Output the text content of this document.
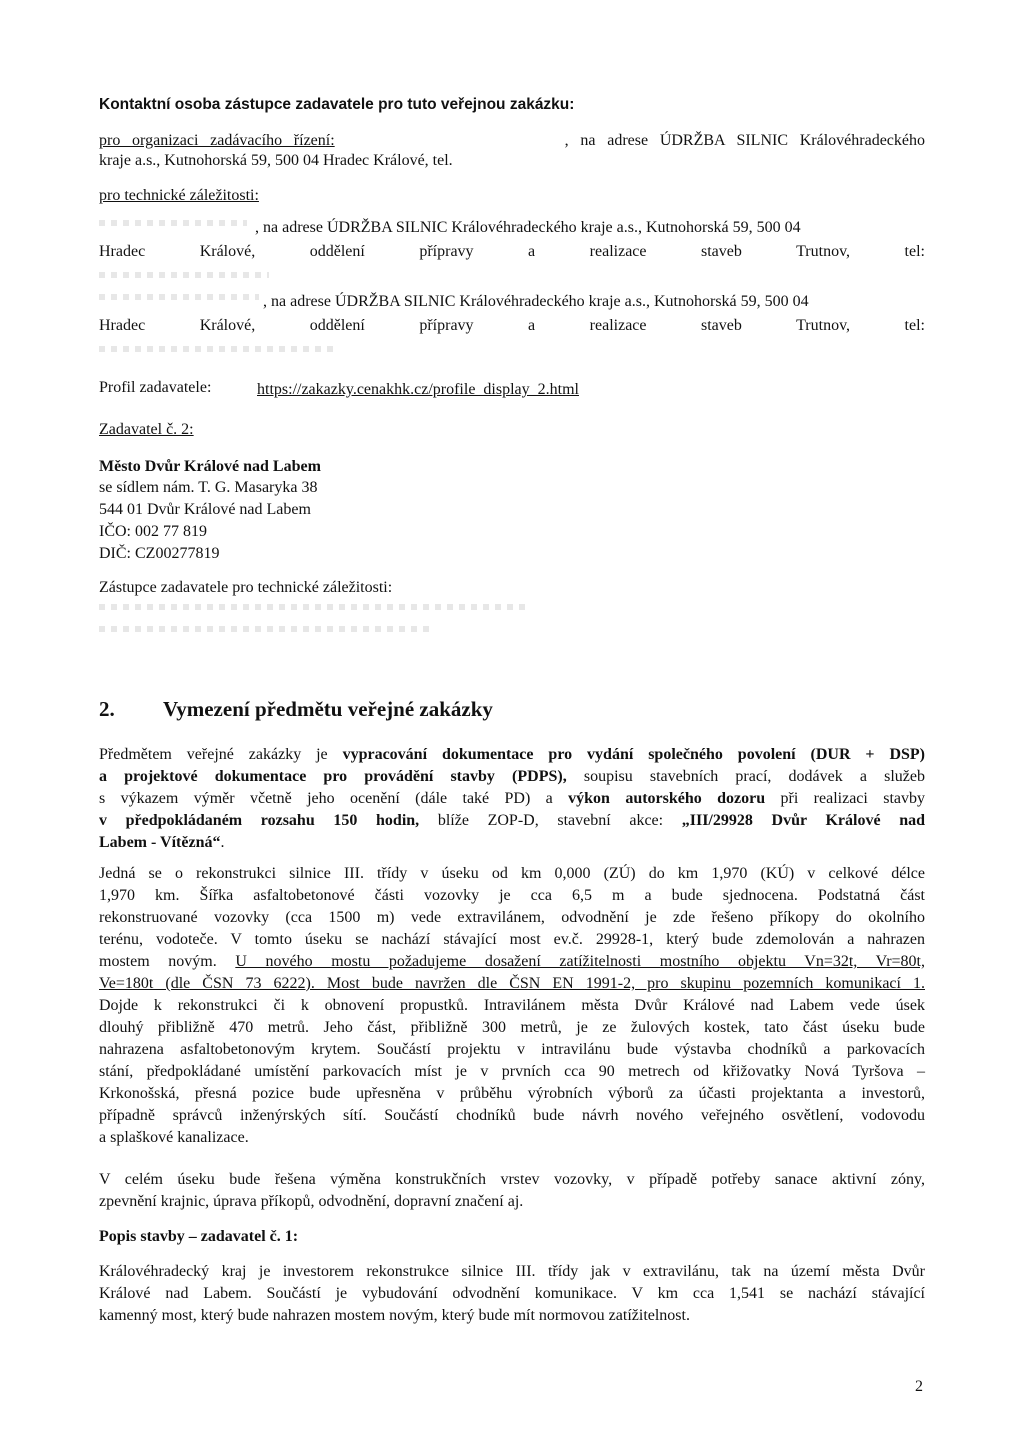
Kontaktní osoba zástupce zadavatele pro tuto veřejnou zakázku:
pro organizaci zadávacího řízení:	, na adrese ÚDRŽBA SILNIC Královéhradeckého
kraje a.s., Kutnohorská 59, 500 04 Hradec Králové, tel.
pro technické záležitosti:
, na adrese ÚDRŽBA SILNIC Královéhradeckého kraje a.s., Kutnohorská 59, 500 04
Hradec Králové, oddělení přípravy a realizace staveb Trutnov, tel:
, na adrese ÚDRŽBA SILNIC Královéhradeckého kraje a.s., Kutnohorská 59, 500 04
Hradec Králové, oddělení přípravy a realizace staveb Trutnov, tel:
Profil zadavatele:	https://zakazky.cenakhk.cz/profile_display_2.html
Zadavatel č. 2:
Město Dvůr Králové nad Labem
se sídlem nám. T. G. Masaryka 38
544 01 Dvůr Králové nad Labem
IČO: 002 77 819
DIČ: CZ00277819
Zástupce zadavatele pro technické záležitosti:
2. Vymezení předmětu veřejné zakázky
Předmětem veřejné zakázky je vypracování dokumentace pro vydání společného povolení (DUR + DSP)
a projektové dokumentace pro provádění stavby (PDPS), soupisu stavebních prací, dodávek a služeb
s výkazem výměr včetně jeho ocenění (dále také PD) a výkon autorského dozoru při realizaci stavby
v předpokládaném rozsahu 150 hodin, blíže ZOP-D, stavební akce: „III/29928 Dvůr Králové nad
Labem - Vítězná“.
Jedná se o rekonstrukci silnice III. třídy v úseku od km 0,000 (ZÚ) do km 1,970 (KÚ) v celkové délce
1,970 km. Šířka asfaltobetonové části vozovky je cca 6,5 m a bude sjednocena. Podstatná část
rekonstruované vozovky (cca 1500 m) vede extravilánem, odvodnění je zde řešeno příkopy do okolního
terénu, vodoteče. V tomto úseku se nachází stávající most ev.č. 29928-1, který bude zdemolován a nahrazen
mostem novým. U nového mostu požadujeme dosažení zatížitelnosti mostního objektu Vn=32t, Vr=80t,
Ve=180t (dle ČSN 73 6222). Most bude navržen dle ČSN EN 1991-2, pro skupinu pozemních komunikací 1.
Dojde k rekonstrukci či k obnovení propustků. Intravilánem města Dvůr Králové nad Labem vede úsek
dlouhý přibližně 470 metrů. Jeho část, přibližně 300 metrů, je ze žulových kostek, tato část úseku bude
nahrazena asfaltobetonovým krytem. Součástí projektu v intravilánu bude výstavba chodníků a parkovacích
stání, předpokládané umístění parkovacích míst je v prvních cca 90 metrech od křižovatky Nová Tyršova –
Krkonošská, přesná pozice bude upřesněna v průběhu výrobních výborů za účasti projektanta a investorů,
případně správců inženýrských sítí. Součástí chodníků bude návrh nového veřejného osvětlení, vodovodu
a splaškové kanalizace.
V celém úseku bude řešena výměna konstrukčních vrstev vozovky, v případě potřeby sanace aktivní zóny,
zpevnění krajnic, úprava příkopů, odvodnění, dopravní značení aj.
Popis stavby – zadavatel č. 1:
Královéhradecký kraj je investorem rekonstrukce silnice III. třídy jak v extravilánu, tak na území města Dvůr
Králové nad Labem. Součástí je vybudování odvodnění komunikace. V km cca 1,541 se nachází stávající
kamenný most, který bude nahrazen mostem novým, který bude mít normovou zatížitelnost.
2
